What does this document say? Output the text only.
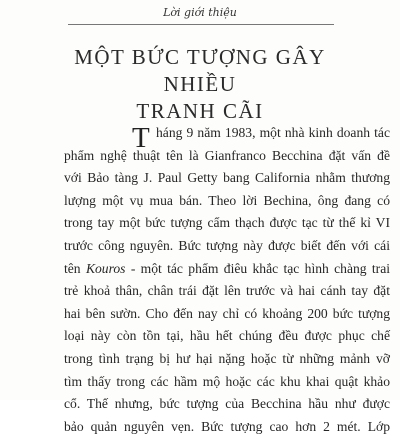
Lời giới thiệu
MỘT BỨC TƯỢNG GÂY NHIỀU
TRANH CÃI
T háng 9 năm 1983, một nhà kinh doanh tác
phẩm nghệ thuật tên là Gianfranco Becchina đặt vấn đề
với Bảo tàng J. Paul Getty bang California nhằm thương
lượng một vụ mua bán. Theo lời Bechina, ông đang có
trong tay một bức tượng cẩm thạch được tạc từ thế kỉ VI
trước công nguyên. Bức tượng này được biết đến với cái
tên Kouros - một tác phẩm điêu khắc tạc hình chàng trai
trẻ khoả thân, chân trái đặt lên trước và hai cánh tay đặt
hai bên sườn. Cho đến nay chỉ có khoảng 200 bức tượng
loại này còn tồn tại, hầu hết chúng đều được phục chế
trong tình trạng bị hư hại nặng hoặc từ những mảnh vỡ
tìm thấy trong các hầm mộ hoặc các khu khai quật khảo
cổ. Thế nhưng, bức tượng của Becchina hầu như được
bảo quản nguyên vẹn. Bức tượng cao hơn 2 mét. Lớp
